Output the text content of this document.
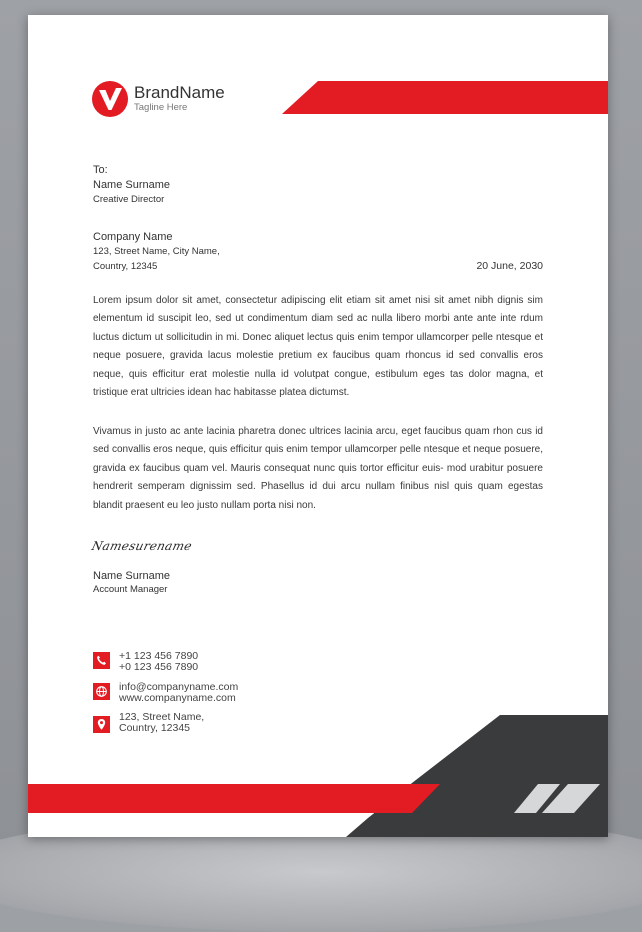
BrandName
Tagline Here
To:
Name Surname
Creative Director
Company Name
123, Street Name, City Name,
Country, 12345	20 June, 2030
Lorem ipsum dolor sit amet, consectetur adipiscing elit etiam sit amet nisi sit amet nibh dignis sim elementum id suscipit leo, sed ut condimentum diam sed ac nulla libero morbi ante ante inte rdum luctus dictum ut sollicitudin in mi. Donec aliquet lectus quis enim tempor ullamcorper pelle ntesque et neque posuere, gravida lacus molestie pretium ex faucibus quam rhoncus id sed convallis eros neque, quis efficitur erat molestie nulla id volutpat congue, estibulum eges tas dolor magna, et tristique erat ultricies idean hac habitasse platea dictumst.
Vivamus in justo ac ante lacinia pharetra donec ultrices lacinia arcu, eget faucibus quam rhon cus id sed convallis eros neque, quis efficitur quis enim tempor ullamcorper pelle ntesque et neque posuere, gravida ex faucibus quam vel. Mauris consequat nunc quis tortor efficitur euis- mod urabitur posuere hendrerit semperam dignissim sed. Phasellus id dui arcu nullam finibus nisl quis quam egestas blandit praesent eu leo justo nullam porta nisi non.
Namesurename
Name Surname
Account Manager
+1 123 456 7890
+0 123 456 7890
info@companyname.com
www.companyname.com
123, Street Name,
Country, 12345
